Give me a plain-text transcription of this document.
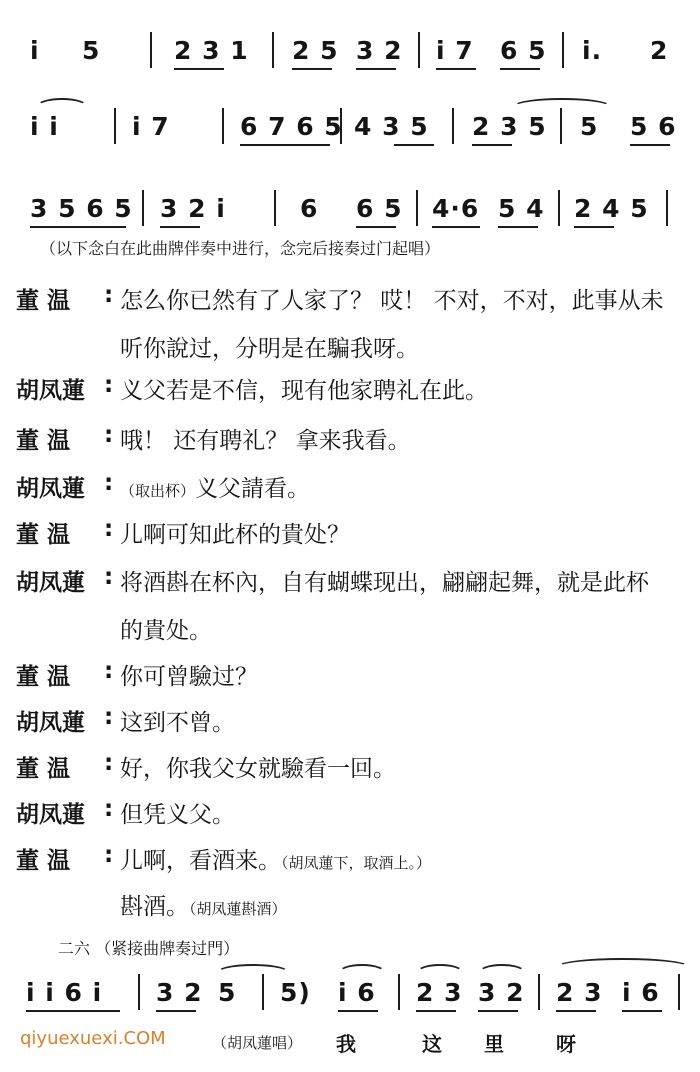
i 5	2 3 1 2 5 3 2 i 7 6 5 i. 2
i i	i 7	6 7 6 5 4 3 5 2 3 5 5 5 6
3 5 6 5 3 2 i	6 6 5 4·6 5 4 2 4 5
（以下念白在此曲牌伴奏中进行，念完后接奏过门起唱）
董 温	: 怎么你已然有了人家了？ 哎！ 不对，不对，此事从未
听你說过，分明是在騙我呀。
胡凤蓮 : 义父若是不信，现有他家聘礼在此。
董 温	: 哦！ 还有聘礼？ 拿来我看。
胡凤蓮 : （取出杯）义父請看。
董 温	: 儿啊可知此杯的貴处？
胡凤蓮 : 将酒斟在杯內，自有蝴蝶现出，翩翩起舞，就是此杯
的貴处。
董 温	: 你可曾驗过？
胡凤蓮 : 这到不曾。
董 温	: 好，你我父女就驗看一回。
胡凤蓮 : 但凭义父。
董 温	: 儿啊，看酒来。（胡凤蓮下，取酒上。）
斟酒。（胡凤蓮斟酒）
二六 （紧接曲牌奏过門）
i i 6 i 3 2 5 5) i 6 2 3 3 2 2 3 i 6
（胡凤蓮唱） 我	这 里	呀
qiyuexuexi.COM
